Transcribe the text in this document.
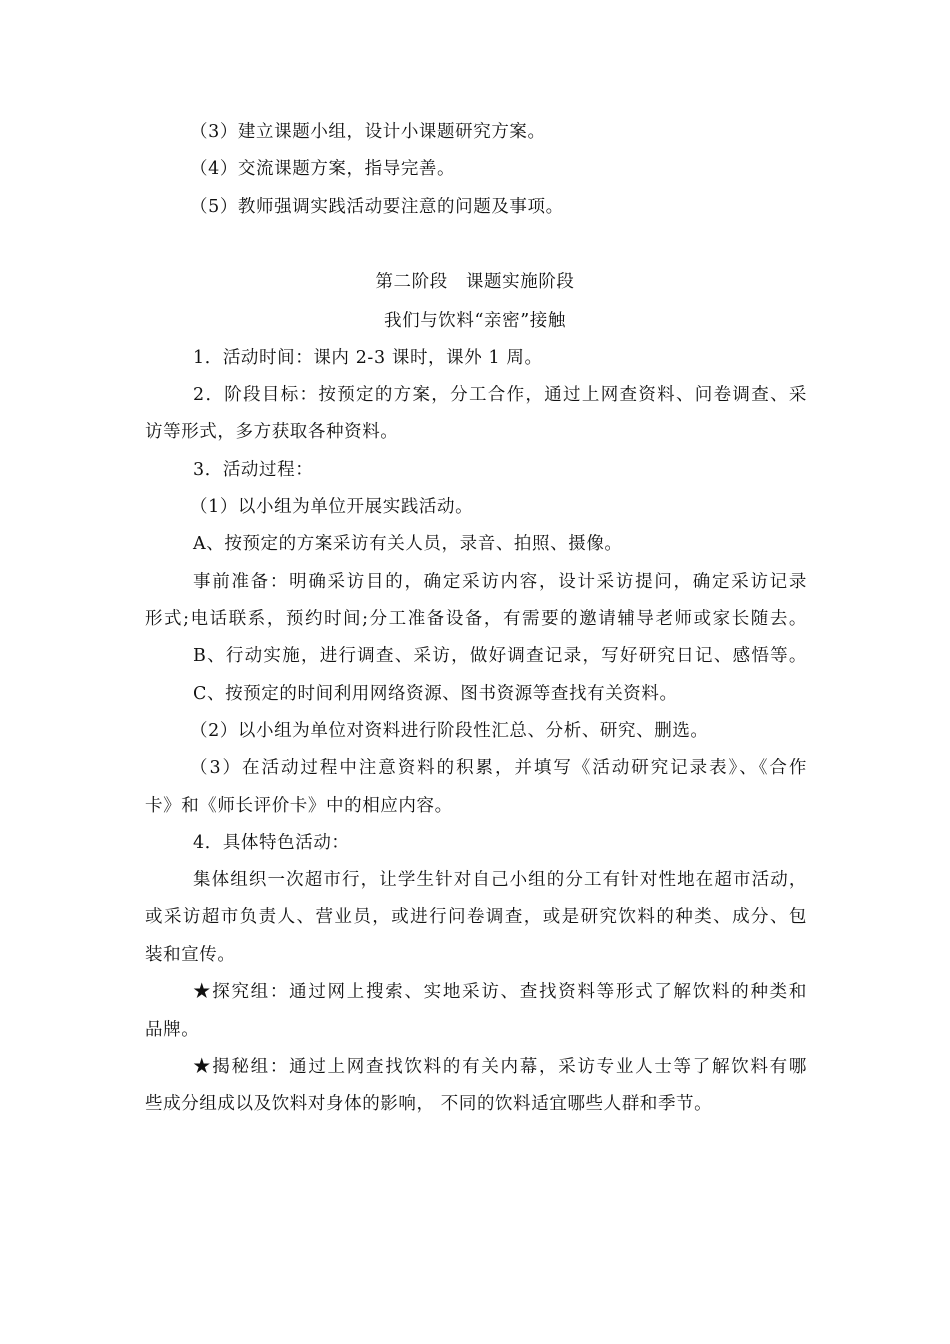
（3）建立课题小组，设计小课题研究方案。
（4）交流课题方案，指导完善。
（5）教师强调实践活动要注意的问题及事项。
第二阶段　课题实施阶段
我们与饮料“亲密”接触
1．活动时间：课内 2-3 课时，课外 1 周。
2．阶段目标：按预定的方案，分工合作，通过上网查资料、问卷调查、采
访等形式，多方获取各种资料。
3．活动过程：
（1）以小组为单位开展实践活动。
A、按预定的方案采访有关人员，录音、拍照、摄像。
事前准备：明确采访目的，确定采访内容，设计采访提问，确定采访记录
形式;电话联系，预约时间;分工准备设备，有需要的邀请辅导老师或家长随去。
B、行动实施，进行调查、采访，做好调查记录，写好研究日记、感悟等。
C、按预定的时间利用网络资源、图书资源等查找有关资料。
（2）以小组为单位对资料进行阶段性汇总、分析、研究、删选。
（3）在活动过程中注意资料的积累，并填写《活动研究记录表》、《合作
卡》和《师长评价卡》中的相应内容。
4．具体特色活动：
集体组织一次超市行，让学生针对自己小组的分工有针对性地在超市活动，
或采访超市负责人、营业员，或进行问卷调查，或是研究饮料的种类、成分、包
装和宣传。
★探究组：通过网上搜索、实地采访、查找资料等形式了解饮料的种类和
品牌。
★揭秘组：通过上网查找饮料的有关内幕，采访专业人士等了解饮料有哪
些成分组成以及饮料对身体的影响， 不同的饮料适宜哪些人群和季节。
